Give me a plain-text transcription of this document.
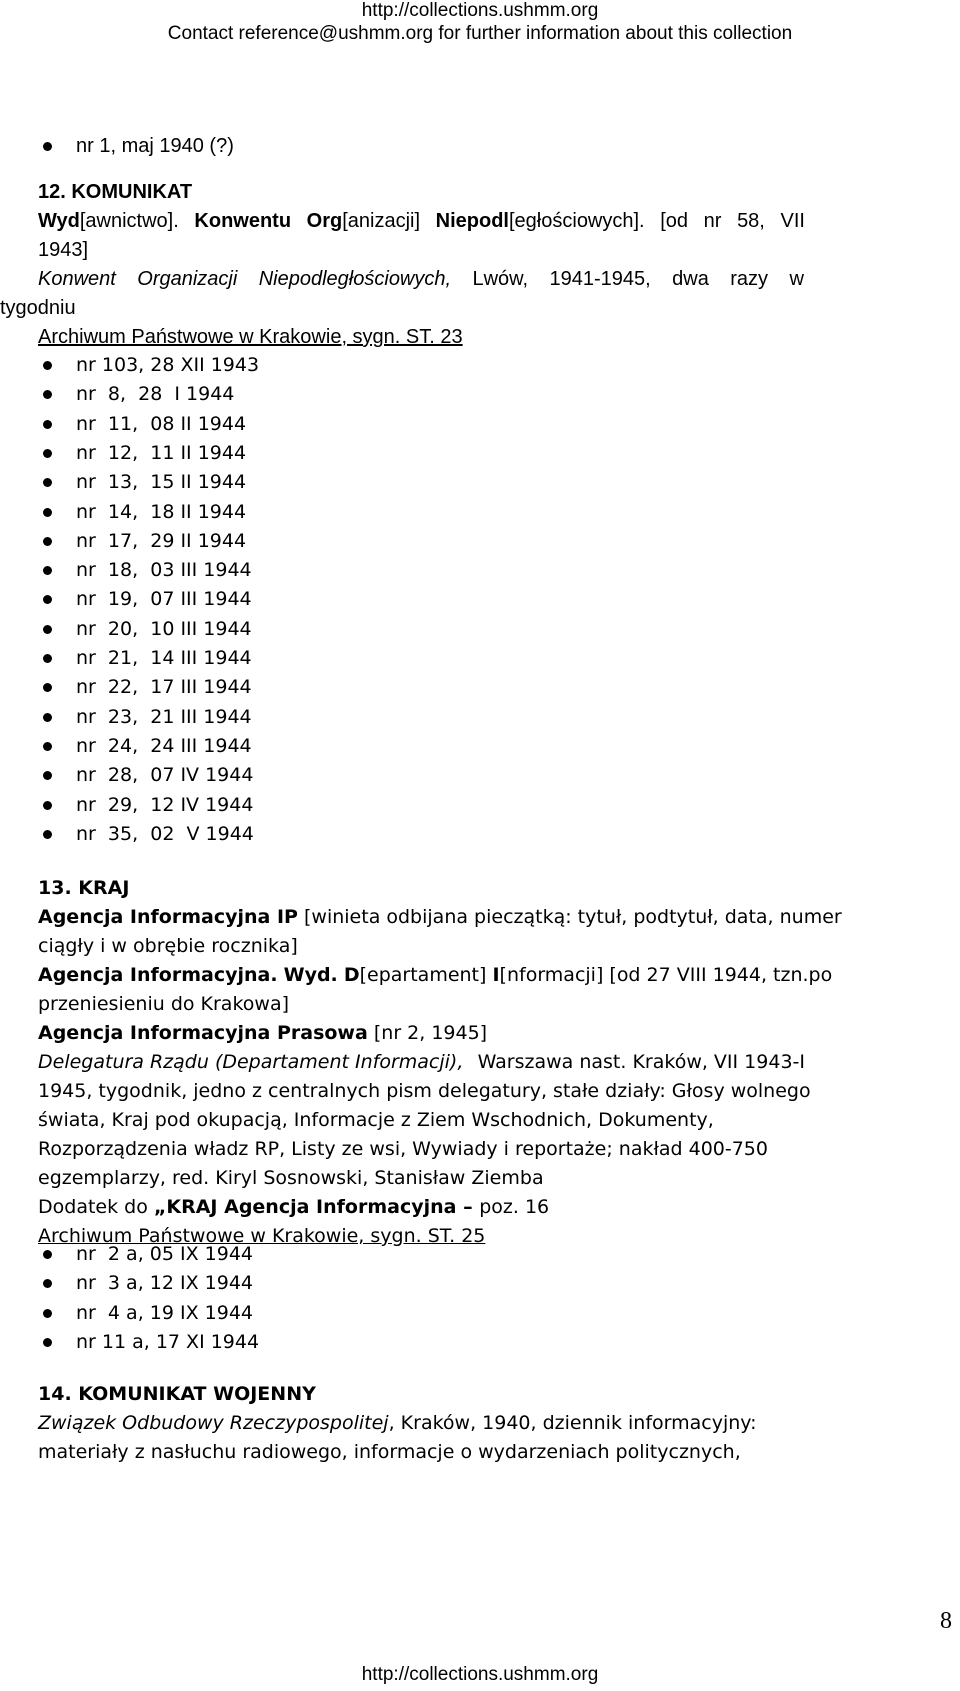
http://collections.ushmm.org
Contact reference@ushmm.org for further information about this collection
nr 1, maj 1940 (?)
12. KOMUNIKAT
Wyd[awnictwo]. Konwentu Org[anizacji] Niepodl[egłościowych]. [od nr 58, VII
1943]
Konwent Organizacji Niepodległościowych, Lwów, 1941-1945, dwa razy w
tygodniu
Archiwum Państwowe w Krakowie, sygn. ST. 23
nr 103, 28 XII 1943
nr  8,  28  I 1944
nr  11,  08 II 1944
nr  12,  11 II 1944
nr  13,  15 II 1944
nr  14,  18 II 1944
nr  17,  29 II 1944
nr  18,  03 III 1944
nr  19,  07 III 1944
nr  20,  10 III 1944
nr  21,  14 III 1944
nr  22,  17 III 1944
nr  23,  21 III 1944
nr  24,  24 III 1944
nr  28,  07 IV 1944
nr  29,  12 IV 1944
nr  35,  02  V 1944
13. KRAJ
Agencja Informacyjna IP [winieta odbijana pieczątką: tytuł, podtytuł, data, numer
ciągły i w obrębie rocznika]
Agencja Informacyjna. Wyd. D[epartament] I[nformacji] [od 27 VIII 1944, tzn. po
przeniesieniu do Krakowa]
Agencja Informacyjna Prasowa [nr 2, 1945]
Delegatura Rządu (Departament Informacji), Warszawa nast. Kraków, VII 1943-I
1945, tygodnik, jedno z centralnych pism delegatury, stałe działy: Głosy wolnego
świata, Kraj pod okupacją, Informacje z Ziem Wschodnich, Dokumenty,
Rozporządzenia władz RP, Listy ze wsi, Wywiady i reportaże; nakład 400-750
egzemplarzy, red. Kiryl Sosnowski, Stanisław Ziemba
Dodatek do „KRAJ Agencja Informacyjna – poz. 16
Archiwum Państwowe w Krakowie, sygn. ST. 25
nr  2 a, 05 IX 1944
nr  3 a, 12 IX 1944
nr  4 a, 19 IX 1944
nr 11 a, 17 XI 1944
14. KOMUNIKAT WOJENNY
Związek Odbudowy Rzeczypospolitej, Kraków, 1940, dziennik informacyjny:
materiały z nasłuchu radiowego, informacje o wydarzeniach politycznych,
8
http://collections.ushmm.org
